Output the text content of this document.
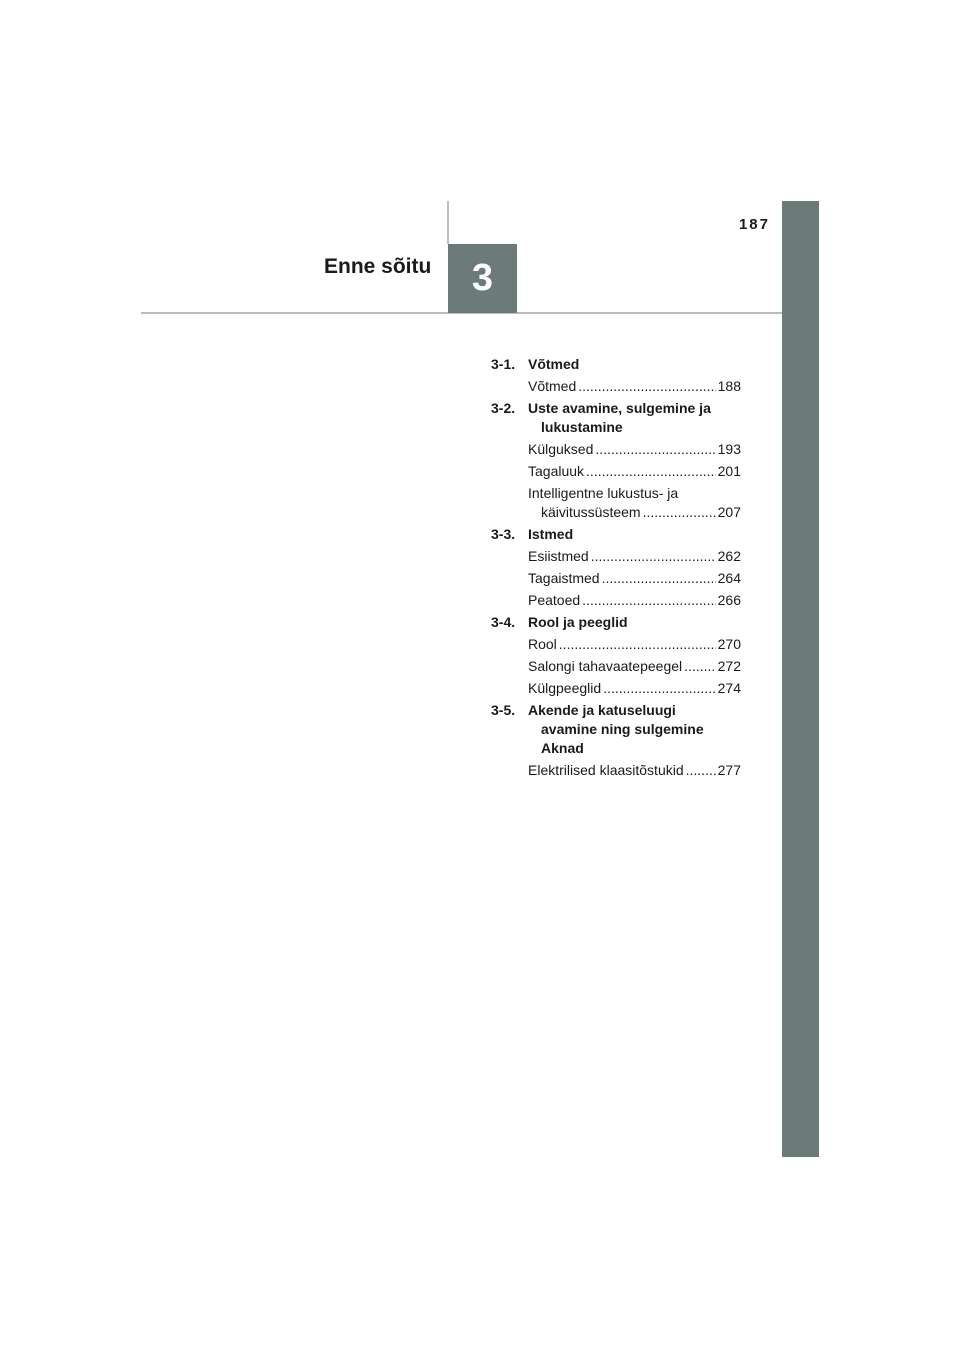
187
Enne sõitu 3
3-1. Võtmed
Võtmed .....	188
3-2. Uste avamine, sulgemine ja
lukustamine
Külguksed .....	193
Tagaluuk .....	201
Intelligentne lukustus- ja
käivitussüsteem .....	207
3-3. Istmed
Esiistmed .....	262
Tagaistmed .....	264
Peatoed .....	266
3-4. Rool ja peeglid
Rool .....	270
Salongi tahavaatepeegel .....	272
Külgpeeglid .....	274
3-5. Akende ja katuseluugi
avamine ning sulgemine
Aknad
Elektrilised klaasitõstukid ..... 277
